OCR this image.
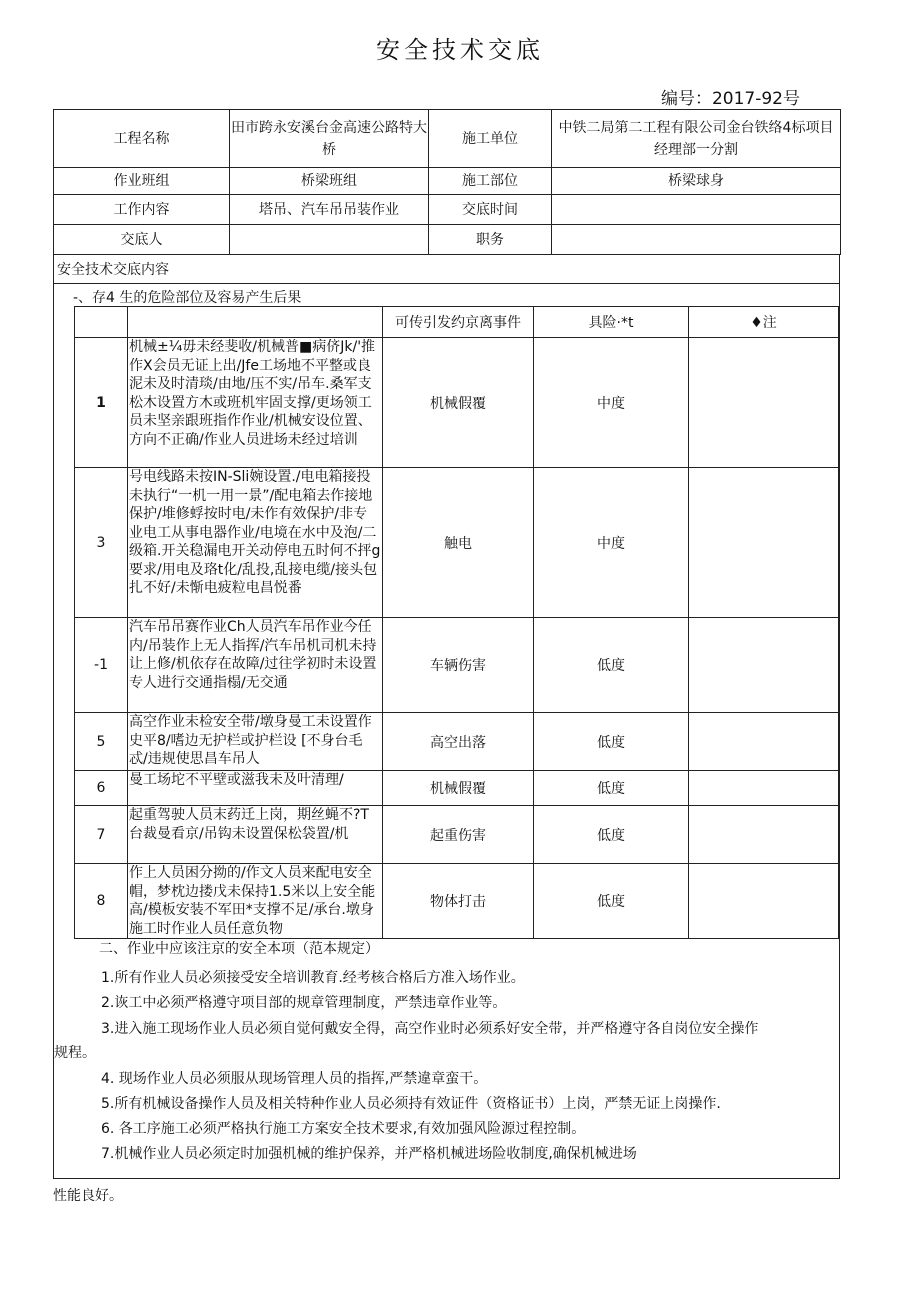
安全技术交底
编号：2017-92号
工程名称	田市跨永安溪台金高速公路特大桥	施工单位	中铁二局第二工程有限公司金台铁络4标项目经理部一分割
作业班组	桥梁班组	施工部位	桥梁球身
工作内容	塔吊、汽车吊吊装作业	交底时间	
交底人		职务	
安全技术交底内容
-、存4 生的危险部位及容易产生后果
		可传引发约京离事件	具险·*t	♦注
1	机械±¼毋未经斐收/机械普■病侪Jk/'推作X会员无证上出/Jfe工场地不平整或良泥未及时清琰/由地/压不实/吊车.桑军支松木设置方木或班机牢固支撑/更场领工员未坚亲跟班指作作业/机械安设位置、方向不正确/作业人员进场未经过培训	机械假覆	中度	
3	号电线路未按IN-Sli婉设置./电电箱接投未执行“一机一用一景”/配电箱去作接地保护/堆修蜉按时电/未作有效保护/非专业电工从事电器作业/电境在水中及泡/二级箱.开关稳漏电开关动停电五时何不抨g要求/用电及珞t化/乱投,乱接电缆/接头包扎不好/未惭电疲粒电昌悦番	触电	中度	
-1	汽车吊吊赛作业Ch人员汽车吊作业今任内/吊装作上无人指挥/汽车吊机司机未持让上修/机依存在故障/过往学初时未设置专人进行交通指榻/无交通	车辆伤害	低度	
5	高空作业未检安全带/墩身曼工未设置作史平8/嗜边无护栏或护栏设 [不身台毛忒/违规使思昌车吊人	高空出落	低度	
6	曼工场坨不平壁或滋我未及叶清理/	机械假覆	低度	
7	起重驾驶人员末药迁上岗，期丝蝇不?T台裁曼看京/吊钩未设置保松袋置/机	起重伤害	低度	
8	作上人员困分拗的/作文人员来配电安全帽，梦枕边搂戊未保持1.5米以上安全能高/模板安装不军田*支撑不足/承台.墩身施工时作业人员任意负物	物体打击	低度	
二、作业中应该注京的安全本项（范本规定）
1.所有作业人员必须接受安全培训教育.经考核合格后方准入场作业。
2.诙工中必须严格遵守项目部的规章管理制度，严禁违章作业等。
3.进入施工现场作业人员必须自觉何戴安全得，高空作业时必须系好安全带，并严格遵守各自岗位安全操作
规程。
4. 现场作业人员必须服从现场管理人员的指挥,严禁違章蛮干。
5.所有机械设备操作人员及相关特种作业人员必须持有效证件（资格证书）上岗，严禁无证上岗操作.
6. 各工序施工必须严格执行施工方案安全技术要求,有效加强风险源过程控制。
7.机械作业人员必须定时加强机械的维护保养，并严格机械进场险收制度,确保机械进场
性能良好。
